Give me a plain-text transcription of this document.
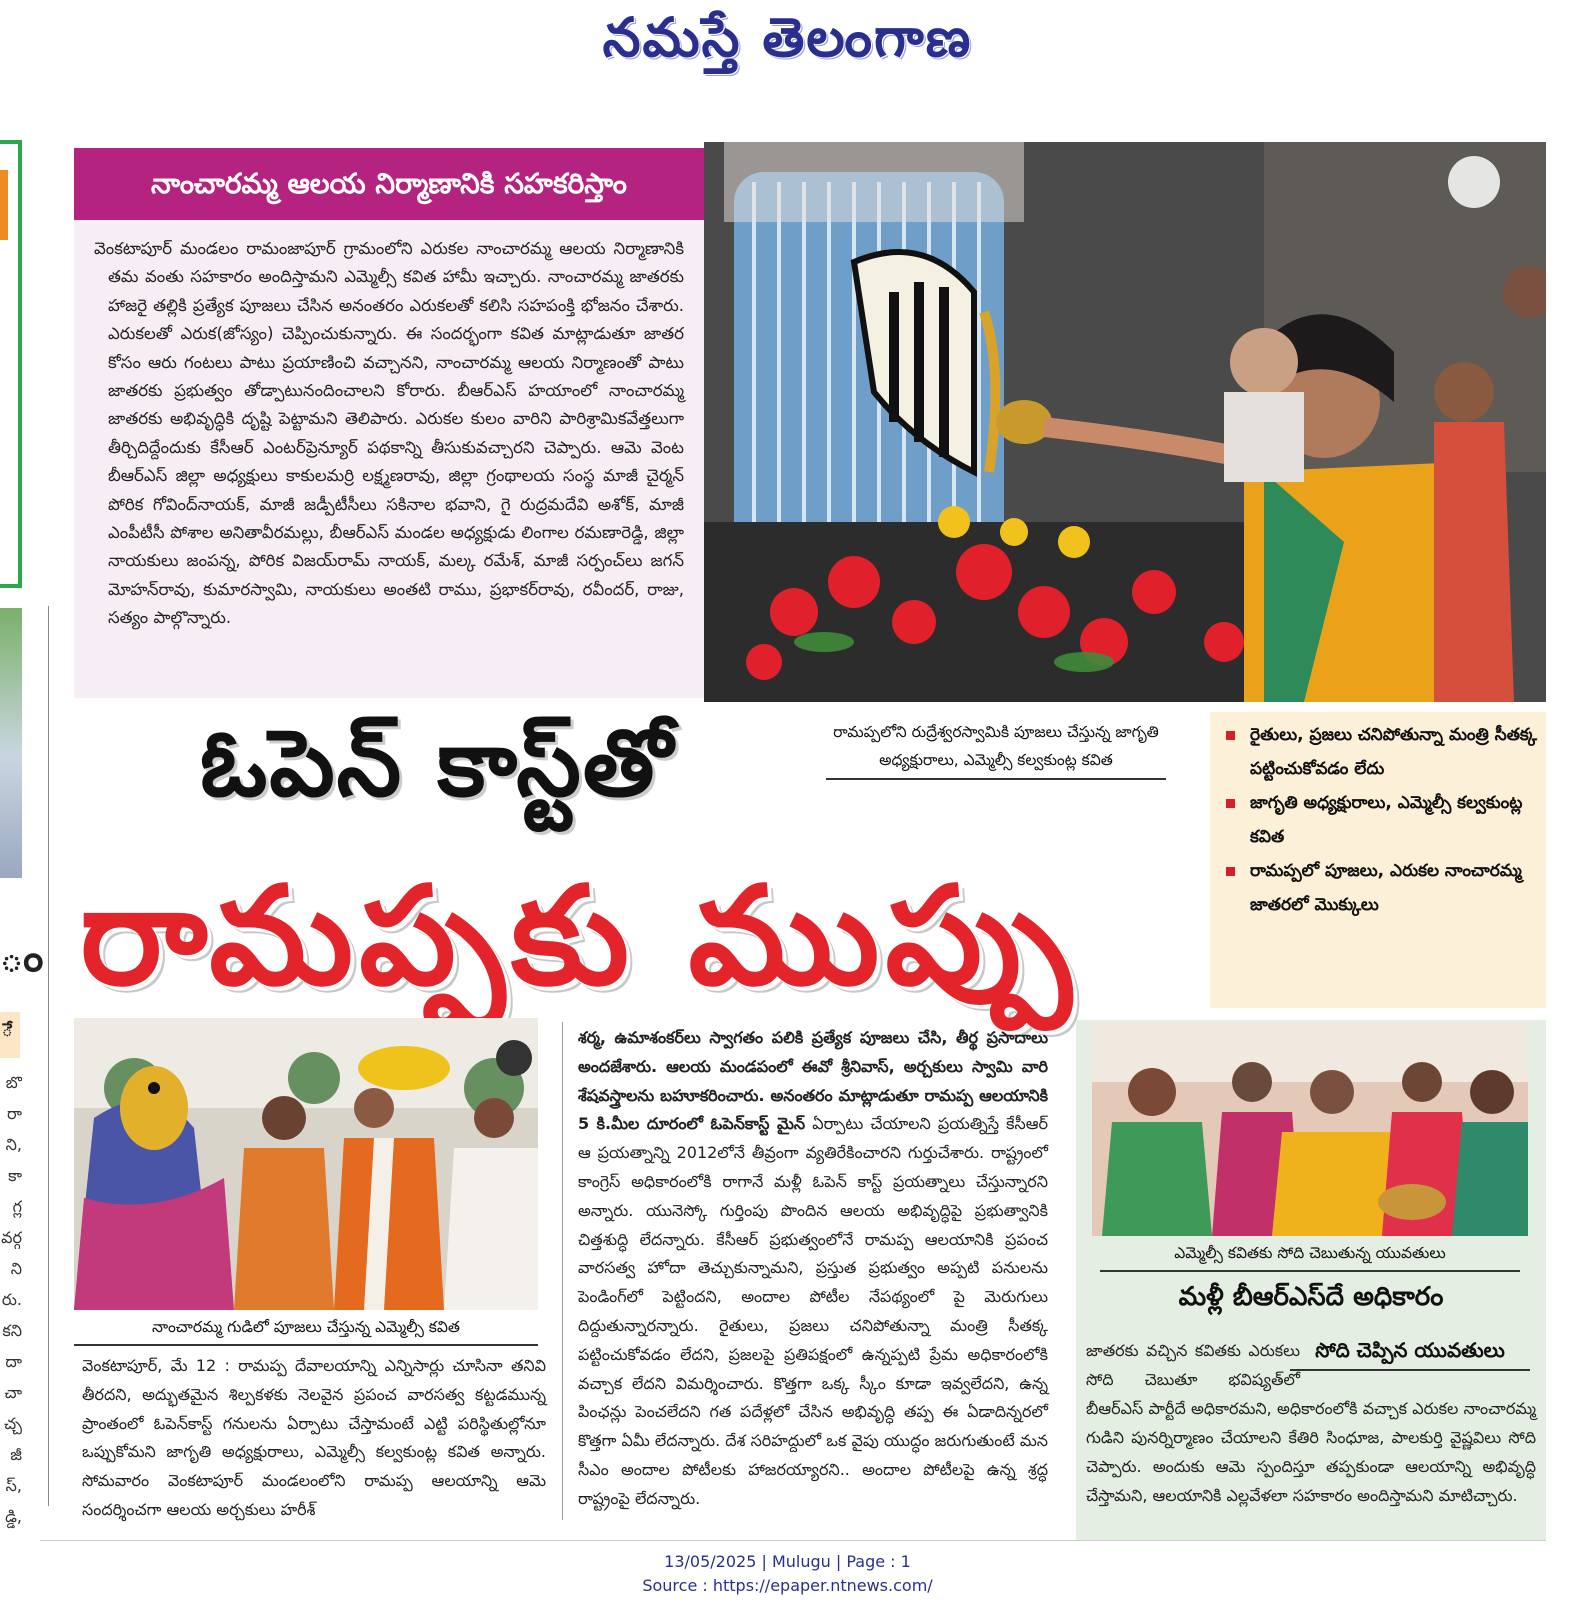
నమస్తే తెలంగాణ
ం
ే
బొ
రా
ని,
కా
గ్ల
వర్గ
ని
రు.
కని
దా
చా
చ్చ
జీ
స్,
డ్డి,
నాంచారమ్మ ఆలయ నిర్మాణానికి సహకరిస్తాం
వెంకటాపూర్ మండలం రామంజాపూర్ గ్రామంలోని ఎరుకల నాంచారమ్మ ఆలయ నిర్మాణానికి తమ వంతు సహకారం అందిస్తామని ఎమ్మెల్సీ కవిత హామీ ఇచ్చారు. నాంచారమ్మ జాతరకు హాజరై తల్లికి ప్రత్యేక పూజలు చేసిన అనంతరం ఎరుకలతో కలిసి సహపంక్తి భోజనం చేశారు. ఎరుకలతో ఎరుక(జోస్యం) చెప్పించుకున్నారు. ఈ సందర్భంగా కవిత మాట్లాడుతూ జాతర కోసం ఆరు గంటలు పాటు ప్రయాణించి వచ్చానని, నాంచారమ్మ ఆలయ నిర్మాణంతో పాటు జాతరకు ప్రభుత్వం తోడ్పాటునందించాలని కోరారు. బీఆర్ఎస్ హయాంలో నాంచారమ్మ జాతరకు అభివృద్ధికి దృష్టి పెట్టామని తెలిపారు. ఎరుకల కులం వారిని పారిశ్రామికవేత్తలుగా తీర్చిదిద్దేందుకు కేసీఆర్ ఎంటర్‌ప్రెన్యూర్ పథకాన్ని తీసుకువచ్చారని చెప్పారు. ఆమె వెంట బీఆర్ఎస్ జిల్లా అధ్యక్షులు కాకులమర్రి లక్ష్మణరావు, జిల్లా గ్రంథాలయ సంస్థ మాజీ చైర్మన్ పోరిక గోవింద్‌నాయక్, మాజీ జడ్పీటీసీలు సకినాల భవాని, గై రుద్రమదేవి అశోక్, మాజీ ఎంపీటీసీ పోశాల అనితావీరమల్లు, బీఆర్ఎస్ మండల అధ్యక్షుడు లింగాల రమణారెడ్డి, జిల్లా నాయకులు జంపన్న, పోరిక విజయ్‌రామ్ నాయక్, మల్క రమేశ్, మాజీ సర్పంచ్‌లు జగన్ మోహన్‌రావు, కుమారస్వామి, నాయకులు అంతటి రాము, ప్రభాకర్‌రావు, రవీందర్, రాజు, సత్యం పాల్గొన్నారు.
ఓపెన్ కాస్ట్‌తో
రామప్పకు ముప్పు
రామప్పలోని రుద్రేశ్వరస్వామికి పూజలు చేస్తున్న జాగృతి అధ్యక్షురాలు, ఎమ్మెల్సీ కల్వకుంట్ల కవిత
రైతులు, ప్రజలు చనిపోతున్నా మంత్రి సీతక్క పట్టించుకోవడం లేదు
జాగృతి అధ్యక్షురాలు, ఎమ్మెల్సీ కల్వకుంట్ల కవిత
రామప్పలో పూజలు, ఎరుకల నాంచారమ్మ జాతరలో మొక్కులు
నాంచారమ్మ గుడిలో పూజలు చేస్తున్న ఎమ్మెల్సీ కవిత
వెంకటాపూర్, మే 12 : రామప్ప దేవాలయాన్ని ఎన్నిసార్లు చూసినా తనివి తీరదని, అద్భుతమైన శిల్పకళకు నెలవైన ప్రపంచ వారసత్వ కట్టడమున్న ప్రాంతంలో ఓపెన్‌కాస్ట్ గనులను ఏర్పాటు చేస్తామంటే ఎట్టి పరిస్థితుల్లోనూ ఒప్పుకోమని జాగృతి అధ్యక్షురాలు, ఎమ్మెల్సీ కల్వకుంట్ల కవిత అన్నారు. సోమవారం వెంకటాపూర్ మండలంలోని రామప్ప ఆలయాన్ని ఆమె సందర్శించగా ఆలయ అర్చకులు హరీశ్
శర్మ, ఉమాశంకర్‌లు స్వాగతం పలికి ప్రత్యేక పూజలు చేసి, తీర్థ ప్రసాదాలు అందజేశారు. ఆలయ మండపంలో ఈవో శ్రీనివాస్, అర్చకులు స్వామి వారి శేషవస్త్రాలను బహూకరించారు. అనంతరం మాట్లాడుతూ రామప్ప ఆలయానికి 5 కి.మీల దూరంలో ఓపెన్‌కాస్ట్ మైన్ ఏర్పాటు చేయాలని ప్రయత్నిస్తే కేసీఆర్ ఆ ప్రయత్నాన్ని 2012లోనే తీవ్రంగా వ్యతిరేకించారని గుర్తుచేశారు. రాష్ట్రంలో కాంగ్రెస్ అధికారంలోకి రాగానే మళ్లీ ఓపెన్ కాస్ట్ ప్రయత్నాలు చేస్తున్నారని అన్నారు. యునెస్కో గుర్తింపు పొందిన ఆలయ అభివృద్ధిపై ప్రభుత్వానికి చిత్తశుద్ధి లేదన్నారు. కేసీఆర్ ప్రభుత్వంలోనే రామప్ప ఆలయానికి ప్రపంచ వారసత్వ హోదా తెచ్చుకున్నామని, ప్రస్తుత ప్రభుత్వం అప్పటి పనులను పెండింగ్‌లో పెట్టిందని, అందాల పోటీల నేపథ్యంలో పై మెరుగులు దిద్దుతున్నారన్నారు. రైతులు, ప్రజలు చనిపోతున్నా మంత్రి సీతక్క పట్టించుకోవడం లేదని, ప్రజలపై ప్రతిపక్షంలో ఉన్నప్పటి ప్రేమ అధికారంలోకి వచ్చాక లేదని విమర్శించారు. కొత్తగా ఒక్క స్కీం కూడా ఇవ్వలేదని, ఉన్న పింఛన్లు పెంచలేదని గత పదేళ్లలో చేసిన అభివృద్ధి తప్ప ఈ ఏడాదిన్నరలో కొత్తగా ఏమీ లేదన్నారు. దేశ సరిహద్దులో ఒక వైపు యుద్ధం జరుగుతుంటే మన సీఎం అందాల పోటీలకు హాజరయ్యారని.. అందాల పోటీలపై ఉన్న శ్రద్ధ రాష్ట్రంపై లేదన్నారు.
ఎమ్మెల్సీ కవితకు సోది చెబుతున్న యువతులు
మళ్లీ బీఆర్ఎస్‌దే అధికారం
జాతరకు వచ్చిన కవితకు ఎరుకలు సోది చెబుతూ భవిష్యత్‌లో బీఆర్ఎస్ పార్టీదే అధికారమని, అధికారంలోకి వచ్చాక ఎరుకల నాంచారమ్మ గుడిని పునర్నిర్మాణం చేయాలని కేతిరి సింధూజ, పాలకుర్తి వైష్ణవిలు సోది చెప్పారు. అందుకు ఆమె స్పందిస్తూ తప్పకుండా ఆలయాన్ని అభివృద్ధి చేస్తామని, ఆలయానికి ఎల్లవేళలా సహకారం అందిస్తామని మాటిచ్చారు.
సోది చెప్పిన యువతులు
13/05/2025 | Mulugu | Page : 1
Source : https://epaper.ntnews.com/
